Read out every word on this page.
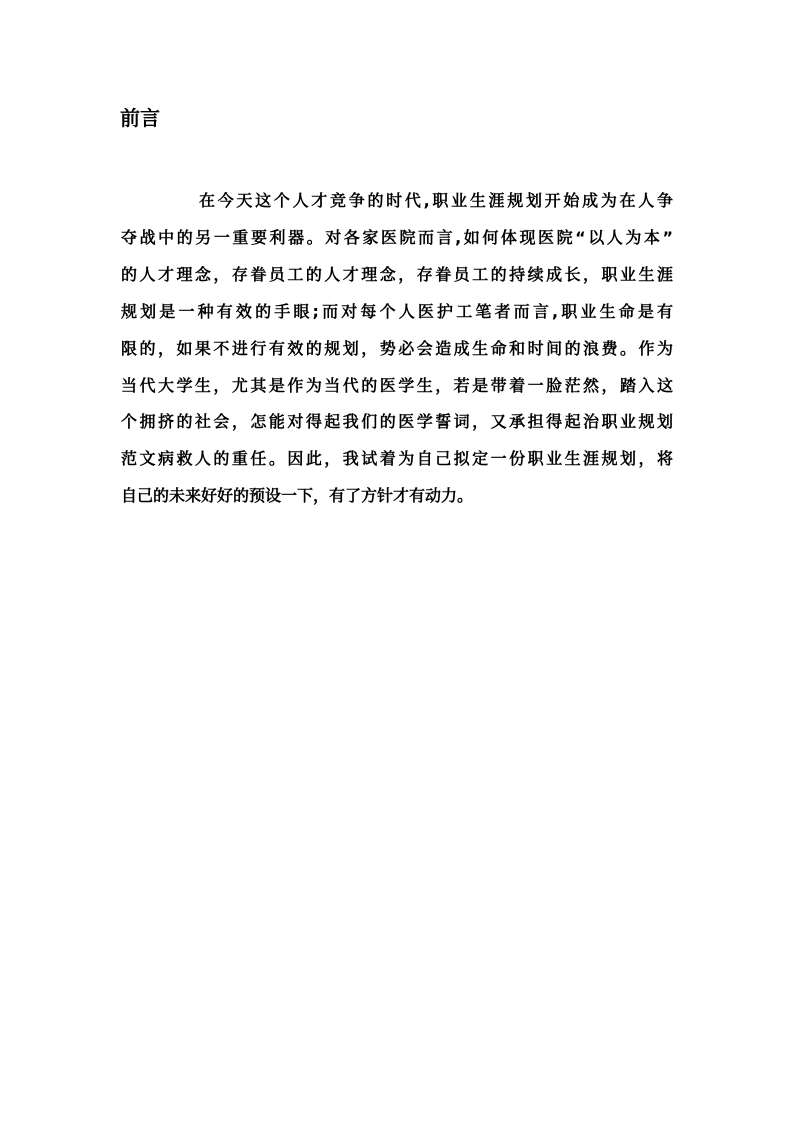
前言
在今天这个人才竞争的时代,职业生涯规划开始成为在人争
夺战中的另一重要利器。对各家医院而言,如何体现医院“以人为本”
的人才理念，存眷员工的人才理念，存眷员工的持续成长，职业生涯
规划是一种有效的手眼;而对每个人医护工笔者而言,职业生命是有
限的，如果不进行有效的规划，势必会造成生命和时间的浪费。作为
当代大学生，尤其是作为当代的医学生，若是带着一脸茫然，踏入这
个拥挤的社会，怎能对得起我们的医学誓词，又承担得起治职业规划
范文病救人的重任。因此，我试着为自己拟定一份职业生涯规划，将
自己的未来好好的预设一下，有了方针才有动力。
